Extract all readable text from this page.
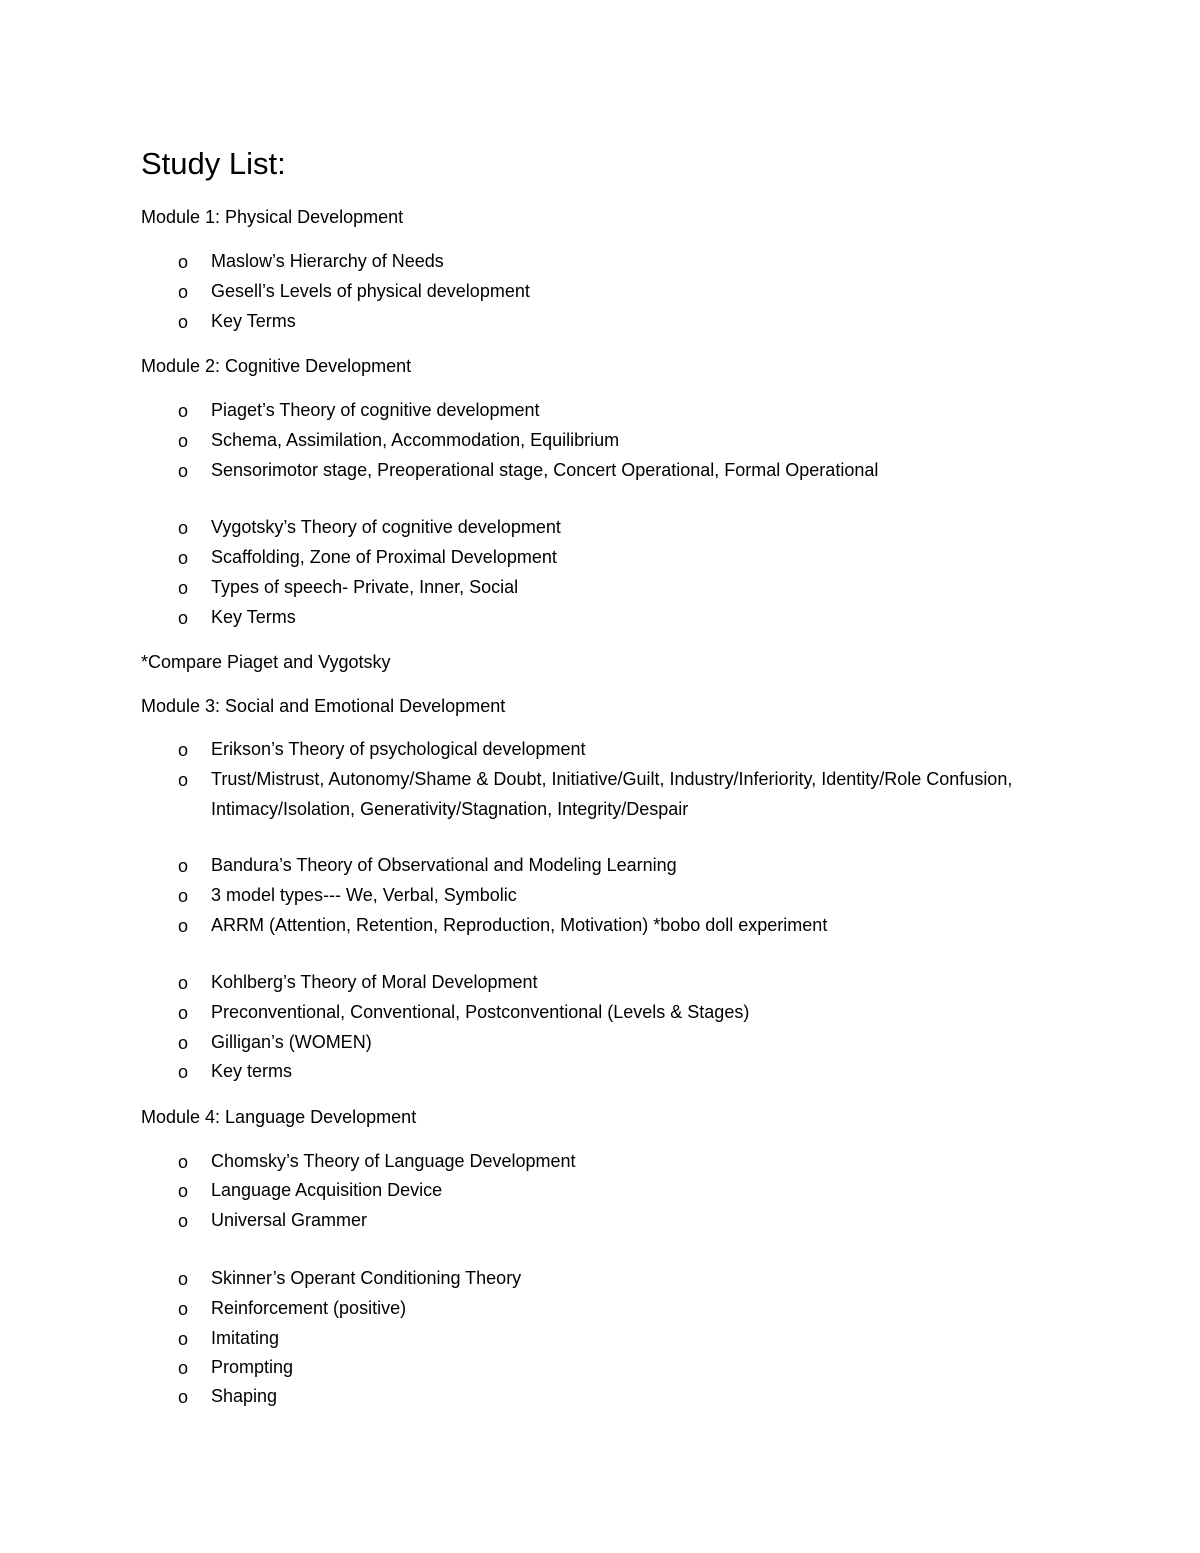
Study List:

Module 1: Physical Development

o Maslow’s Hierarchy of Needs

o Gesell’s Levels of physical development

o Key Terms

Module 2: Cognitive Development

o Piaget’s Theory of cognitive development

o Schema, Assimilation, Accommodation, Equilibrium

o Sensorimotor stage, Preoperational stage, Concert Operational, Formal Operational

o Vygotsky’s Theory of cognitive development

o Scaffolding, Zone of Proximal Development

o Types of speech- Private, Inner, Social

o Key Terms

*Compare Piaget and Vygotsky

Module 3: Social and Emotional Development

o Erikson’s Theory of psychological development

o Trust/Mistrust, Autonomy/Shame & Doubt, Initiative/Guilt, Industry/Inferiority, Identity/Role Confusion, Intimacy/Isolation, Generativity/Stagnation, Integrity/Despair

o Bandura’s Theory of Observational and Modeling Learning

o 3 model types--- We, Verbal, Symbolic

o ARRM (Attention, Retention, Reproduction, Motivation) *bobo doll experiment

o Kohlberg’s Theory of Moral Development

o Preconventional, Conventional, Postconventional (Levels & Stages)

o Gilligan’s (WOMEN)

o Key terms

Module 4: Language Development

o Chomsky’s Theory of Language Development

o Language Acquisition Device

o Universal Grammer

o Skinner’s Operant Conditioning Theory

o Reinforcement (positive)

o Imitating

o Prompting

o Shaping
